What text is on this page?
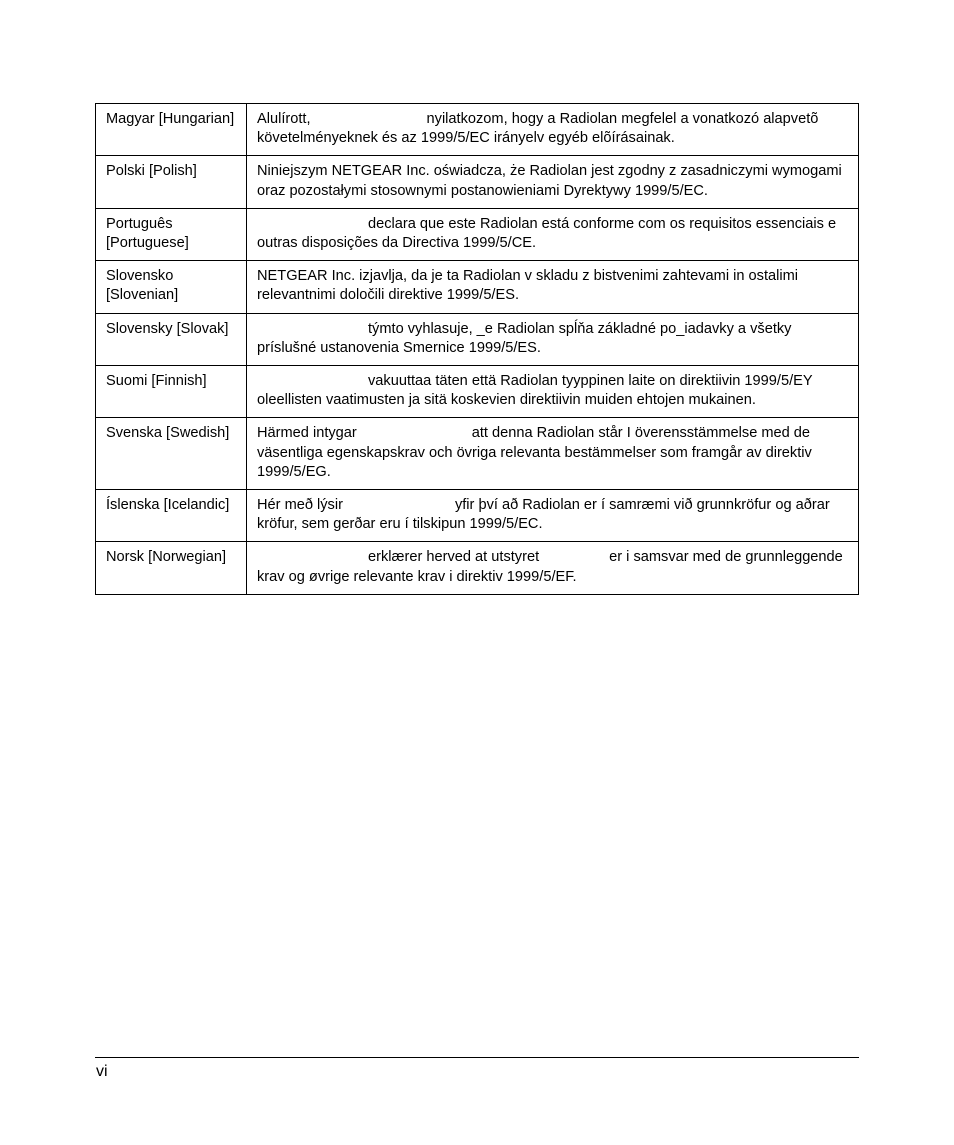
Magyar [Hungarian]	Alulírott, nyilatkozom, hogy a Radiolan megfelel a vonatkozó alapvetõ követelményeknek és az 1999/5/EC irányelv egyéb elõírásainak.
Polski [Polish]	Niniejszym NETGEAR Inc. oświadcza, że Radiolan jest zgodny z zasadniczymi wymogami oraz pozostałymi stosownymi postanowieniami Dyrektywy 1999/5/EC.
Português [Portuguese]	declara que este Radiolan está conforme com os requisitos essenciais e outras disposições da Directiva 1999/5/CE.
Slovensko [Slovenian]	NETGEAR Inc. izjavlja, da je ta Radiolan v skladu z bistvenimi zahtevami in ostalimi relevantnimi določili direktive 1999/5/ES.
Slovensky [Slovak]	týmto vyhlasuje, _e Radiolan spĺňa základné po_iadavky a všetky príslušné ustanovenia Smernice 1999/5/ES.
Suomi [Finnish]	vakuuttaa täten että Radiolan tyyppinen laite on direktiivin 1999/5/EY oleellisten vaatimusten ja sitä koskevien direktiivin muiden ehtojen mukainen.
Svenska [Swedish]	Härmed intygar att denna Radiolan står I överensstämmelse med de väsentliga egenskapskrav och övriga relevanta bestämmelser som framgår av direktiv 1999/5/EG.
Íslenska [Icelandic]	Hér með lýsir yfir því að Radiolan er í samræmi við grunnkröfur og aðrar kröfur, sem gerðar eru í tilskipun 1999/5/EC.
Norsk [Norwegian]	erklærer herved at utstyret er i samsvar med de grunnleggende krav og øvrige relevante krav i direktiv 1999/5/EF.
vi
